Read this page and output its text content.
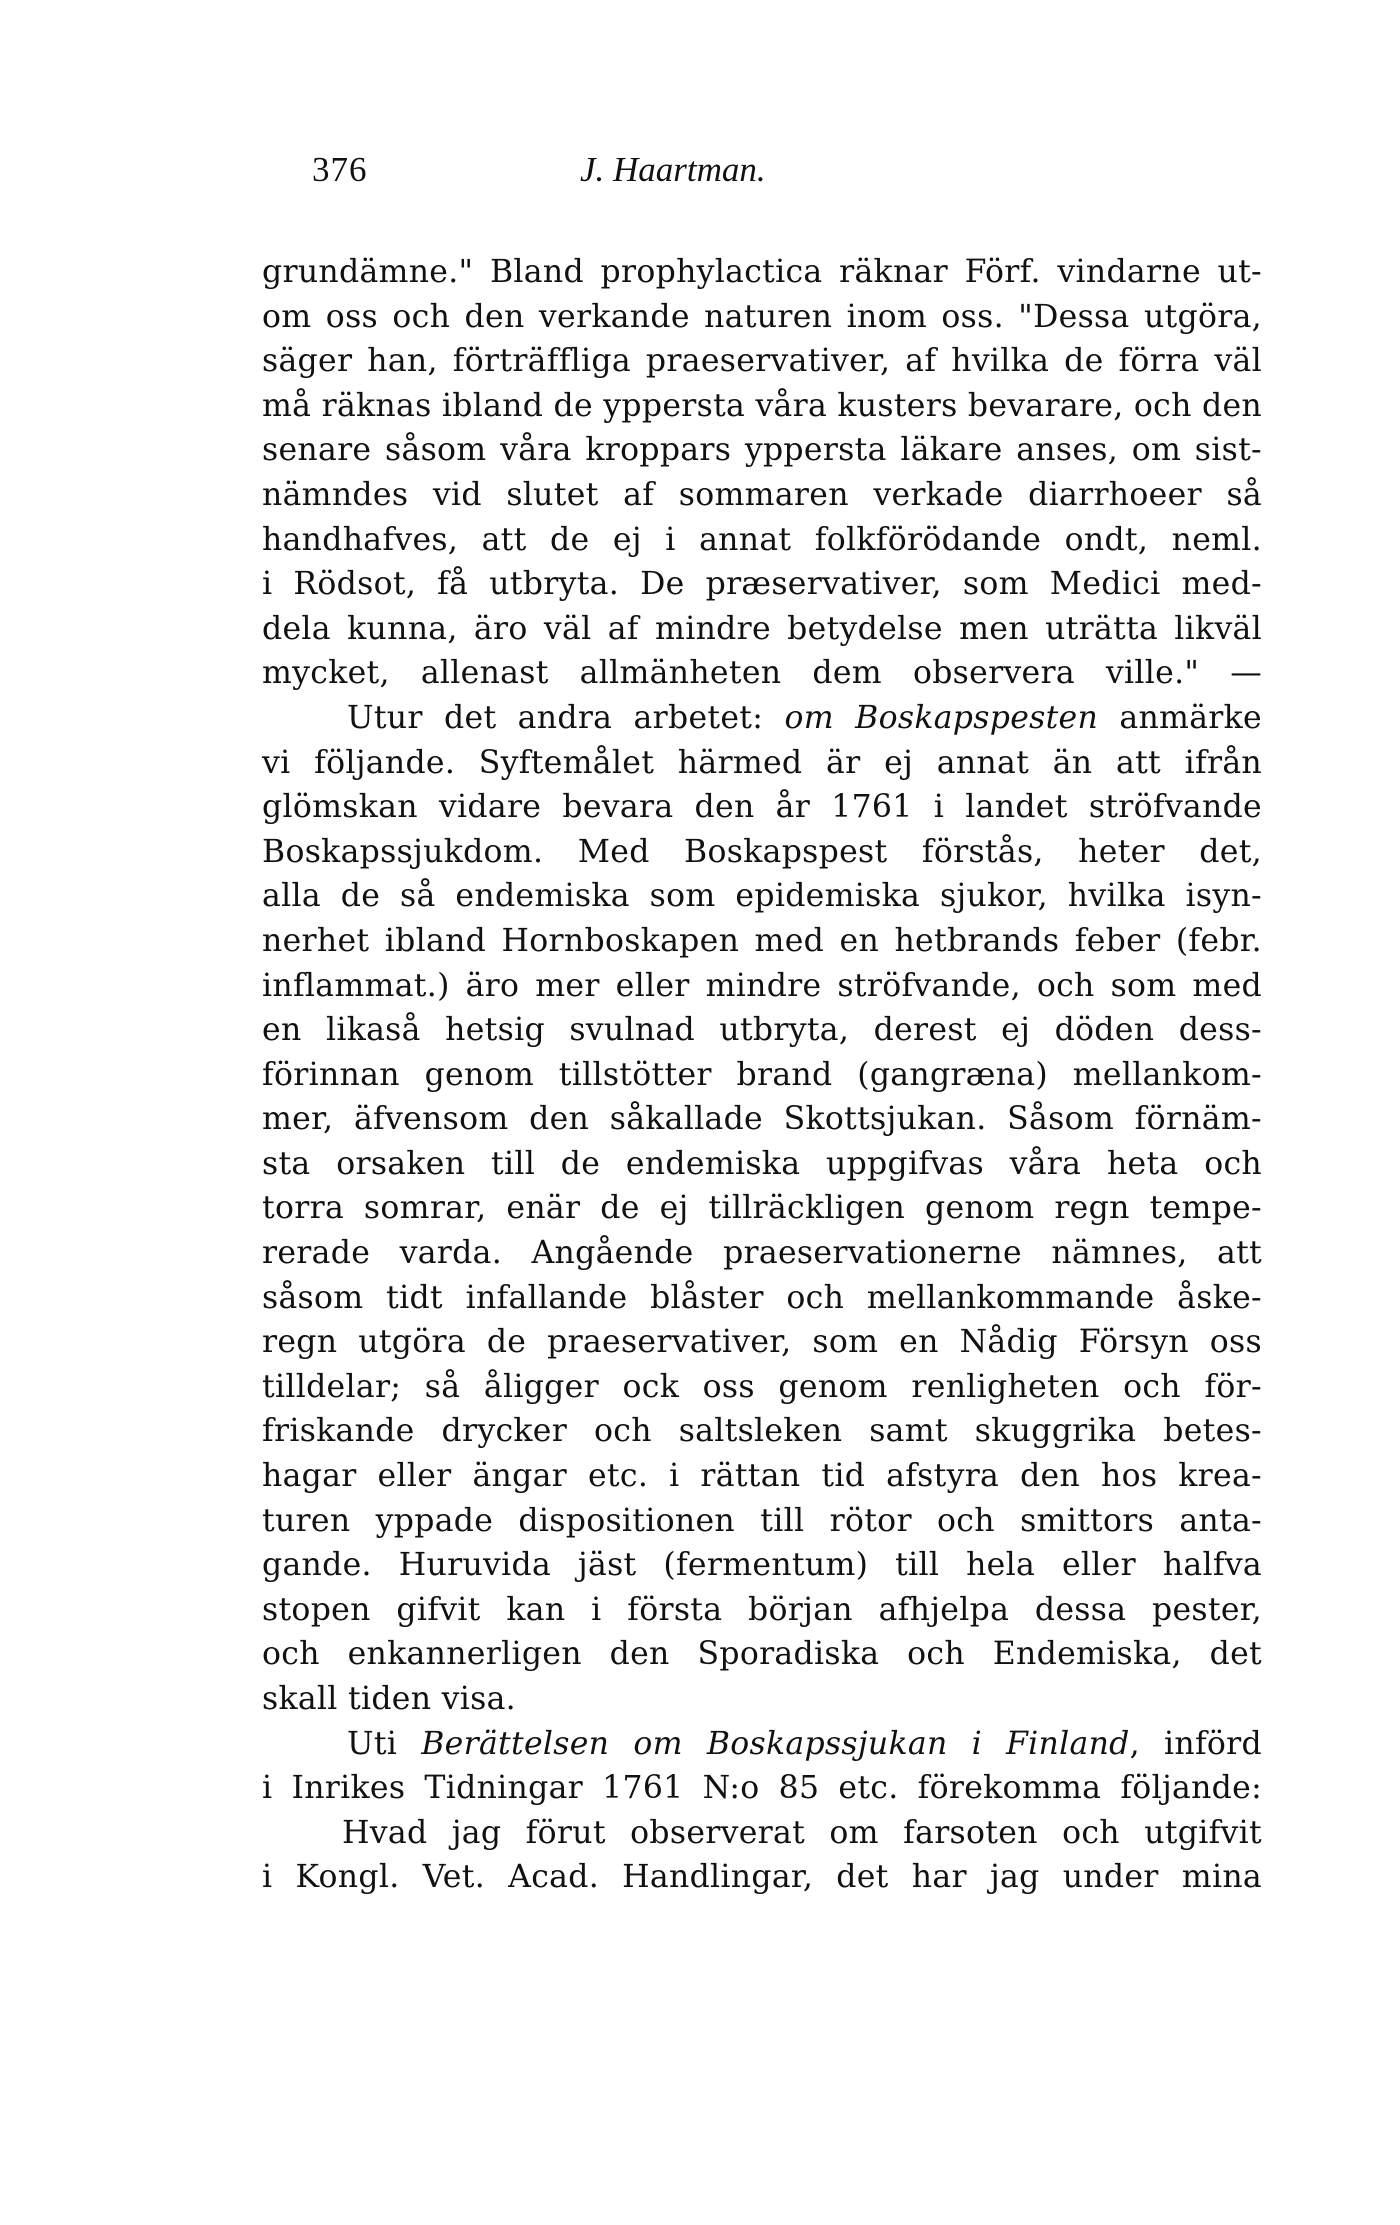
376	J. Haartman.
grundämne." Bland prophylactica räknar Förf. vindarne ut-
om oss och den verkande naturen inom oss. "Dessa utgöra,
säger han, förträffliga praeservativer, af hvilka de förra väl
må räknas ibland de yppersta våra kusters bevarare, och den
senare såsom våra kroppars yppersta läkare anses, om sist-
nämndes vid slutet af sommaren verkade diarrhoeer så
handhafves, att de ej i annat folkförödande ondt, neml.
i Rödsot, få utbryta. De præservativer, som Medici med-
dela kunna, äro väl af mindre betydelse men uträtta likväl
mycket, allenast allmänheten dem observera ville." —
Utur det andra arbetet: om Boskapspesten anmärke
vi följande. Syftemålet härmed är ej annat än att ifrån
glömskan vidare bevara den år 1761 i landet ströfvande
Boskapssjukdom. Med Boskapspest förstås, heter det,
alla de så endemiska som epidemiska sjukor, hvilka isyn-
nerhet ibland Hornboskapen med en hetbrands feber (febr.
inflammat.) äro mer eller mindre ströfvande, och som med
en likaså hetsig svulnad utbryta, derest ej döden dess-
förinnan genom tillstötter brand (gangræna) mellankom-
mer, äfvensom den såkallade Skottsjukan. Såsom förnäm-
sta orsaken till de endemiska uppgifvas våra heta och
torra somrar, enär de ej tillräckligen genom regn tempe-
rerade varda. Angående praeservationerne nämnes, att
såsom tidt infallande blåster och mellankommande åske-
regn utgöra de praeservativer, som en Nådig Försyn oss
tilldelar; så åligger ock oss genom renligheten och för-
friskande drycker och saltsleken samt skuggrika betes-
hagar eller ängar etc. i rättan tid afstyra den hos krea-
turen yppade dispositionen till rötor och smittors anta-
gande. Huruvida jäst (fermentum) till hela eller halfva
stopen gifvit kan i första början afhjelpa dessa pester,
och enkannerligen den Sporadiska och Endemiska, det
skall tiden visa.
Uti Berättelsen om Boskapssjukan i Finland, införd
i Inrikes Tidningar 1761 N:o 85 etc. förekomma följande:
Hvad jag förut observerat om farsoten och utgifvit
i Kongl. Vet. Acad. Handlingar, det har jag under mina
